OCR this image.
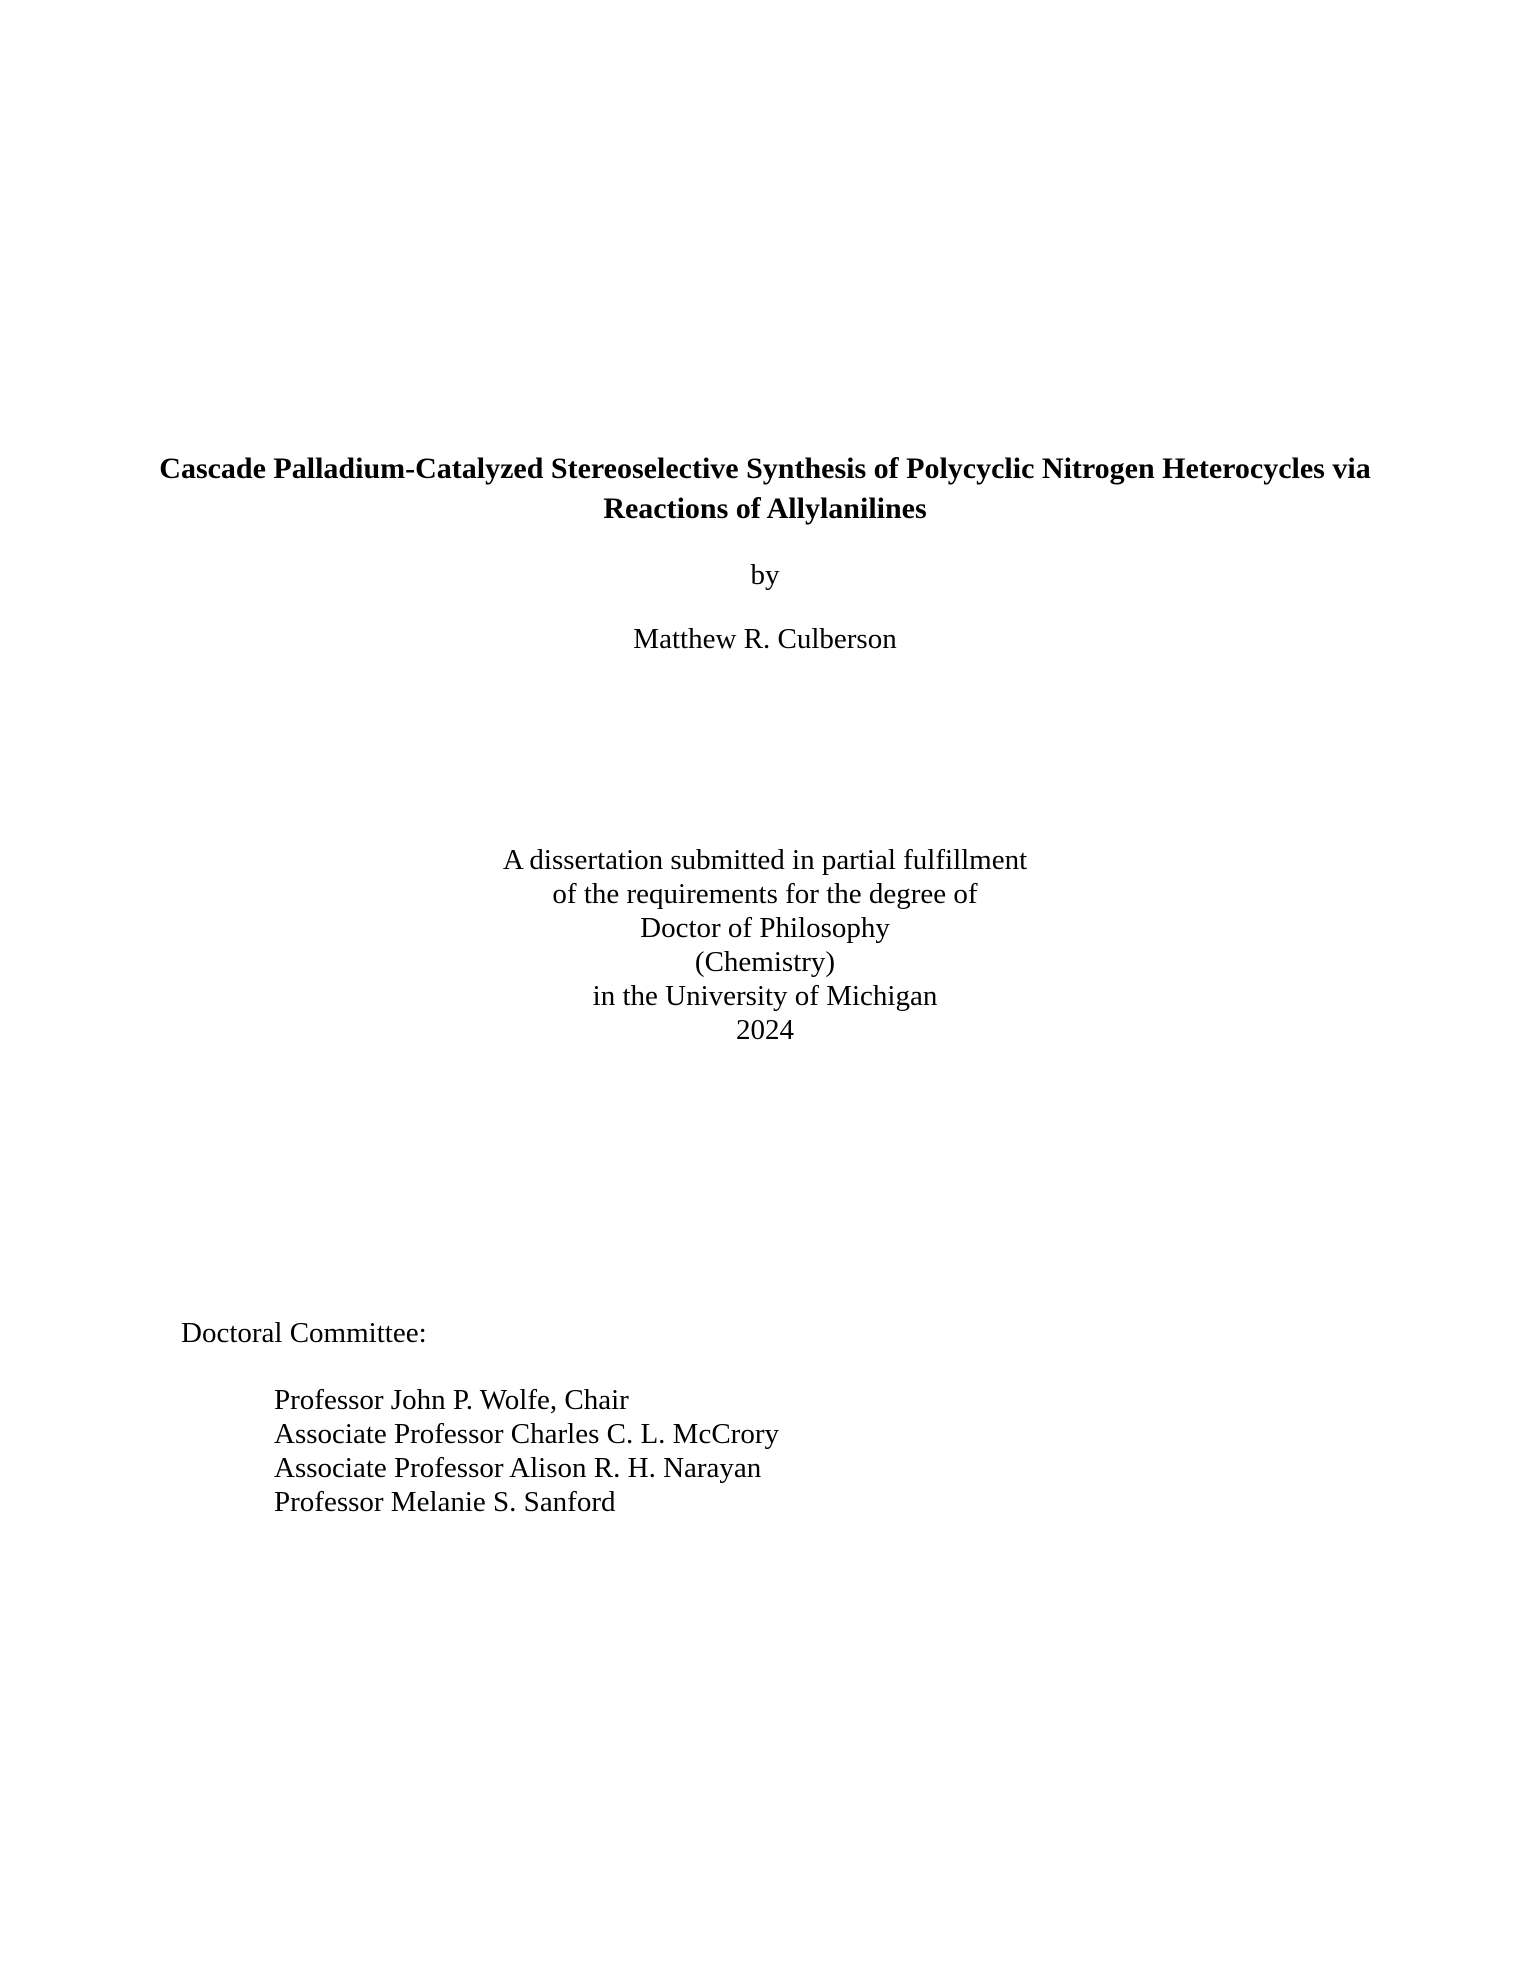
Cascade Palladium-Catalyzed Stereoselective Synthesis of Polycyclic Nitrogen Heterocycles via
Reactions of Allylanilines
by
Matthew R. Culberson
A dissertation submitted in partial fulfillment
of the requirements for the degree of
Doctor of Philosophy
(Chemistry)
in the University of Michigan
2024
Doctoral Committee:
Professor John P. Wolfe, Chair
Associate Professor Charles C. L. McCrory
Associate Professor Alison R. H. Narayan
Professor Melanie S. Sanford
